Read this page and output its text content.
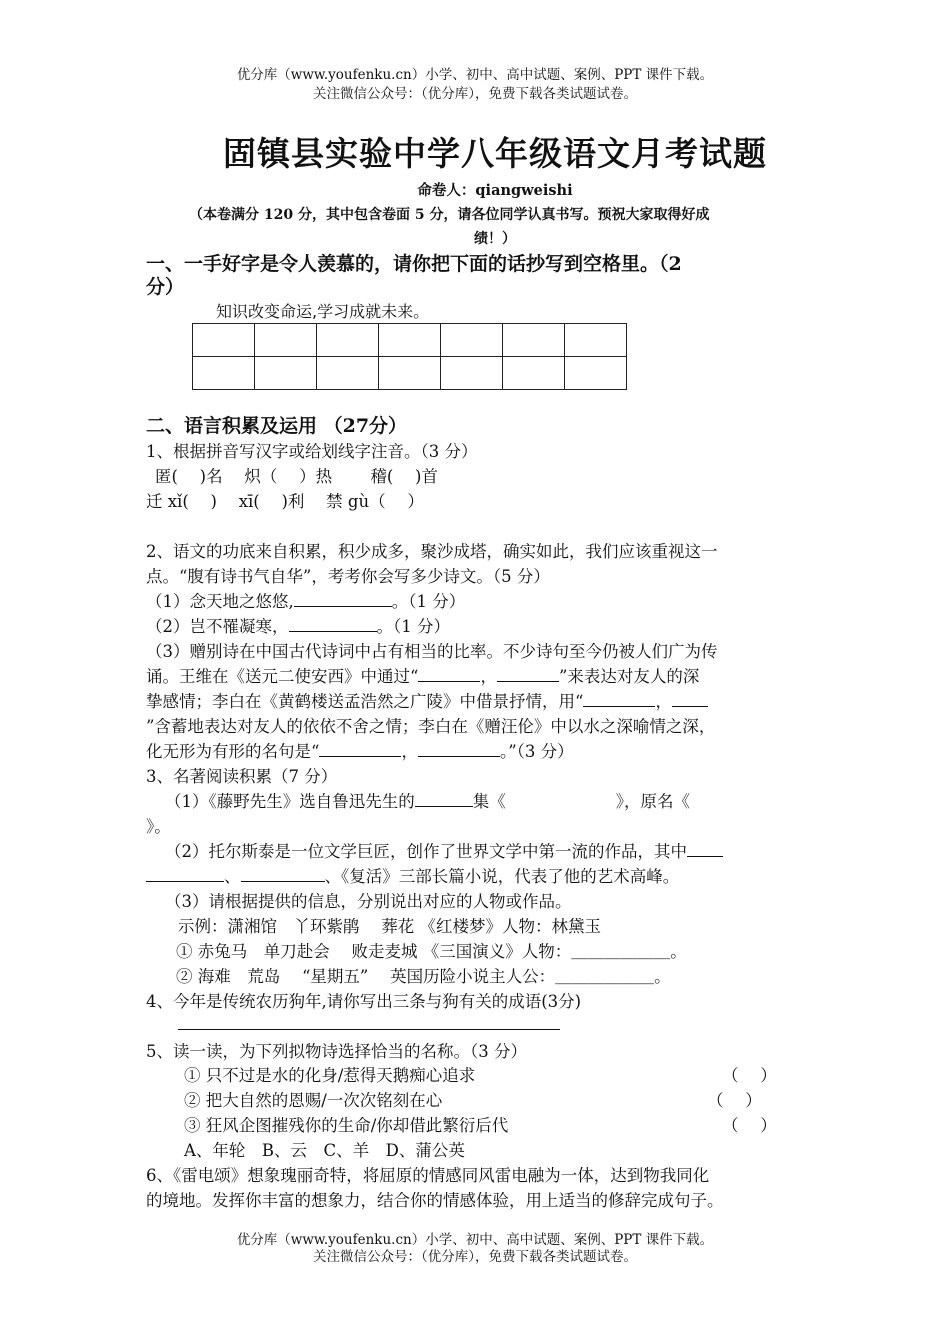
优分库（www.youfenku.cn）小学、初中、高中试题、案例、PPT 课件下载。
关注微信公众号：（优分库），免费下载各类试题试卷。
固镇县实验中学八年级语文月考试题
命卷人：qiangweishi
（本卷满分 120 分，其中包含卷面 5 分，请各位同学认真书写。预祝大家取得好成
绩！）
一、一手好字是令人羡慕的，请你把下面的话抄写到空格里。（2
分）
知识改变命运,学习成就未来。

二、语言积累及运用 （27分）
1、根据拼音写汉字或给划线字注音。（3 分）
匿(　 )名　 炽（　 ）热　　 稽(　 )首
迁 xǐ(　 )　 xī(　 )利　 禁 gù（　 ）
2、语文的功底来自积累，积少成多，聚沙成塔，确实如此，我们应该重视这一
点。“腹有诗书气自华”，考考你会写多少诗文。（5 分）
（1）念天地之悠悠,	。（1 分）
（2）岂不罹凝寒，	。（1 分）
（3）赠别诗在中国古代诗词中占有相当的比率。不少诗句至今仍被人们广为传
诵。王维在《送元二使安西》中通过“	，	”来表达对友人的深
挚感情；李白在《黄鹤楼送孟浩然之广陵》中借景抒情，用“	，
”含蓄地表达对友人的依依不舍之情；李白在《赠汪伦》中以水之深喻情之深，
化无形为有形的名句是“	，	。”（3 分）
3、名著阅读积累（7 分）
（1）《藤野先生》选自鲁迅先生的	集《	》，原名《
》。
（2）托尔斯泰是一位文学巨匠，创作了世界文学中第一流的作品，其中
、	、《复活》三部长篇小说，代表了他的艺术高峰。
（3）请根据提供的信息，分别说出对应的人物或作品。
示例：潇湘馆　丫环紫鹃　 葬花 《红楼梦》人物：林黛玉
① 赤兔马　单刀赴会　 败走麦城 《三国演义》人物：＿＿＿＿＿＿。
② 海难　荒岛　 “星期五”　 英国历险小说主人公：＿＿＿＿＿＿。
4、今年是传统农历狗年,请你写出三条与狗有关的成语(3分)
5、读一读，为下列拟物诗选择恰当的名称。（3 分）
① 只不过是水的化身/惹得天鹅痴心追求	（　 ）
② 把大自然的恩赐/一次次铭刻在心	（　 ）
③ 狂风企图摧残你的生命/你却借此繁衍后代	（　 ）
A、年轮　B、云　C、羊　D、蒲公英
6、《雷电颂》想象瑰丽奇特，将屈原的情感同风雷电融为一体，达到物我同化
的境地。发挥你丰富的想象力，结合你的情感体验，用上适当的修辞完成句子。
优分库（www.youfenku.cn）小学、初中、高中试题、案例、PPT 课件下载。
关注微信公众号：（优分库），免费下载各类试题试卷。
